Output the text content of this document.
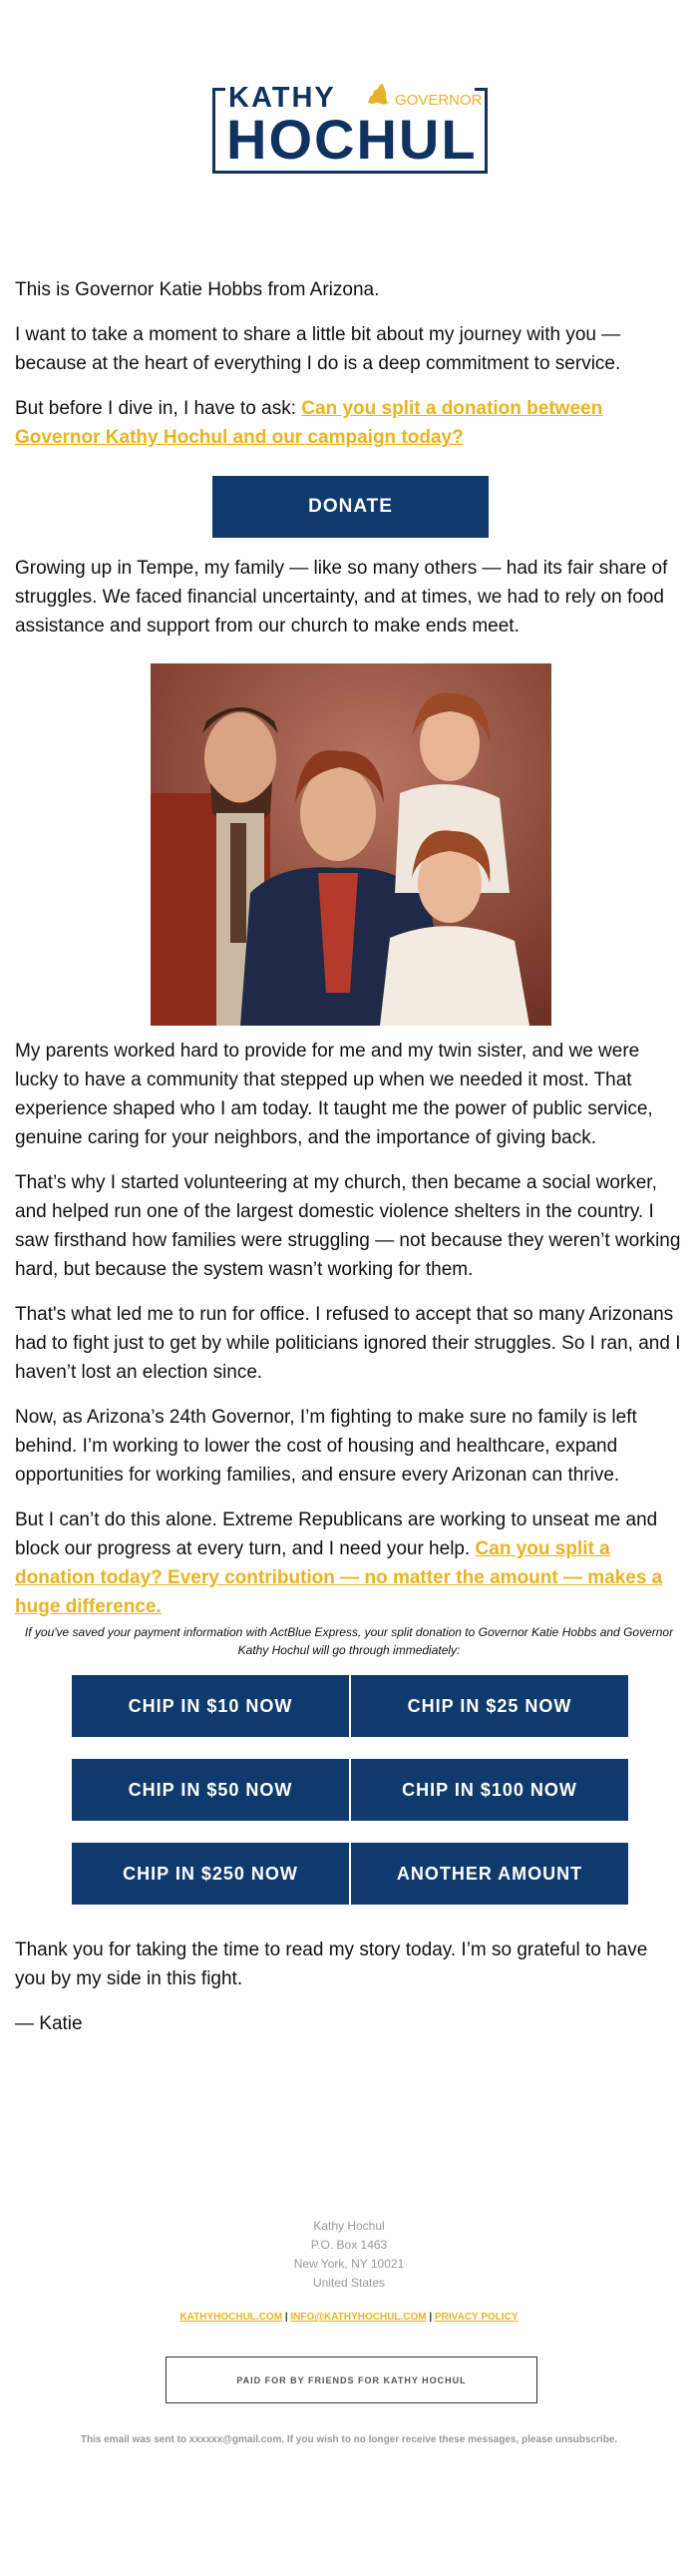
KATHY	GOVERNOR
HOCHUL

This is Governor Katie Hobbs from Arizona.

I want to take a moment to share a little bit about my journey with you — because at the heart of everything I do is a deep commitment to service.

But before I dive in, I have to ask: Can you split a donation between Governor Kathy Hochul and our campaign today?

DONATE

Growing up in Tempe, my family — like so many others — had its fair share of struggles. We faced financial uncertainty, and at times, we had to rely on food assistance and support from our church to make ends meet.

My parents worked hard to provide for me and my twin sister, and we were lucky to have a community that stepped up when we needed it most. That experience shaped who I am today. It taught me the power of public service, genuine caring for your neighbors, and the importance of giving back.

That’s why I started volunteering at my church, then became a social worker, and helped run one of the largest domestic violence shelters in the country. I saw firsthand how families were struggling — not because they weren’t working hard, but because the system wasn’t working for them.

That's what led me to run for office. I refused to accept that so many Arizonans had to fight just to get by while politicians ignored their struggles. So I ran, and I haven’t lost an election since.

Now, as Arizona’s 24th Governor, I’m fighting to make sure no family is left behind. I’m working to lower the cost of housing and healthcare, expand opportunities for working families, and ensure every Arizonan can thrive.

But I can’t do this alone. Extreme Republicans are working to unseat me and block our progress at every turn, and I need your help. Can you split a donation today? Every contribution — no matter the amount — makes a huge difference.

If you've saved your payment information with ActBlue Express, your split donation to Governor Katie Hobbs and Governor Kathy Hochul will go through immediately:
CHIP IN $10 NOW	CHIP IN $25 NOW
CHIP IN $50 NOW	CHIP IN $100 NOW
CHIP IN $250 NOW	ANOTHER AMOUNT

Thank you for taking the time to read my story today. I’m so grateful to have you by my side in this fight.

— Katie

Kathy Hochul
P.O. Box 1463
New York, NY 10021
United States
KATHYHOCHUL.COM | INFO@KATHYHOCHUL.COM | PRIVACY POLICY
PAID FOR BY FRIENDS FOR KATHY HOCHUL
This email was sent to xxxxxx@gmail.com. If you wish to no longer receive these messages, please unsubscribe.
